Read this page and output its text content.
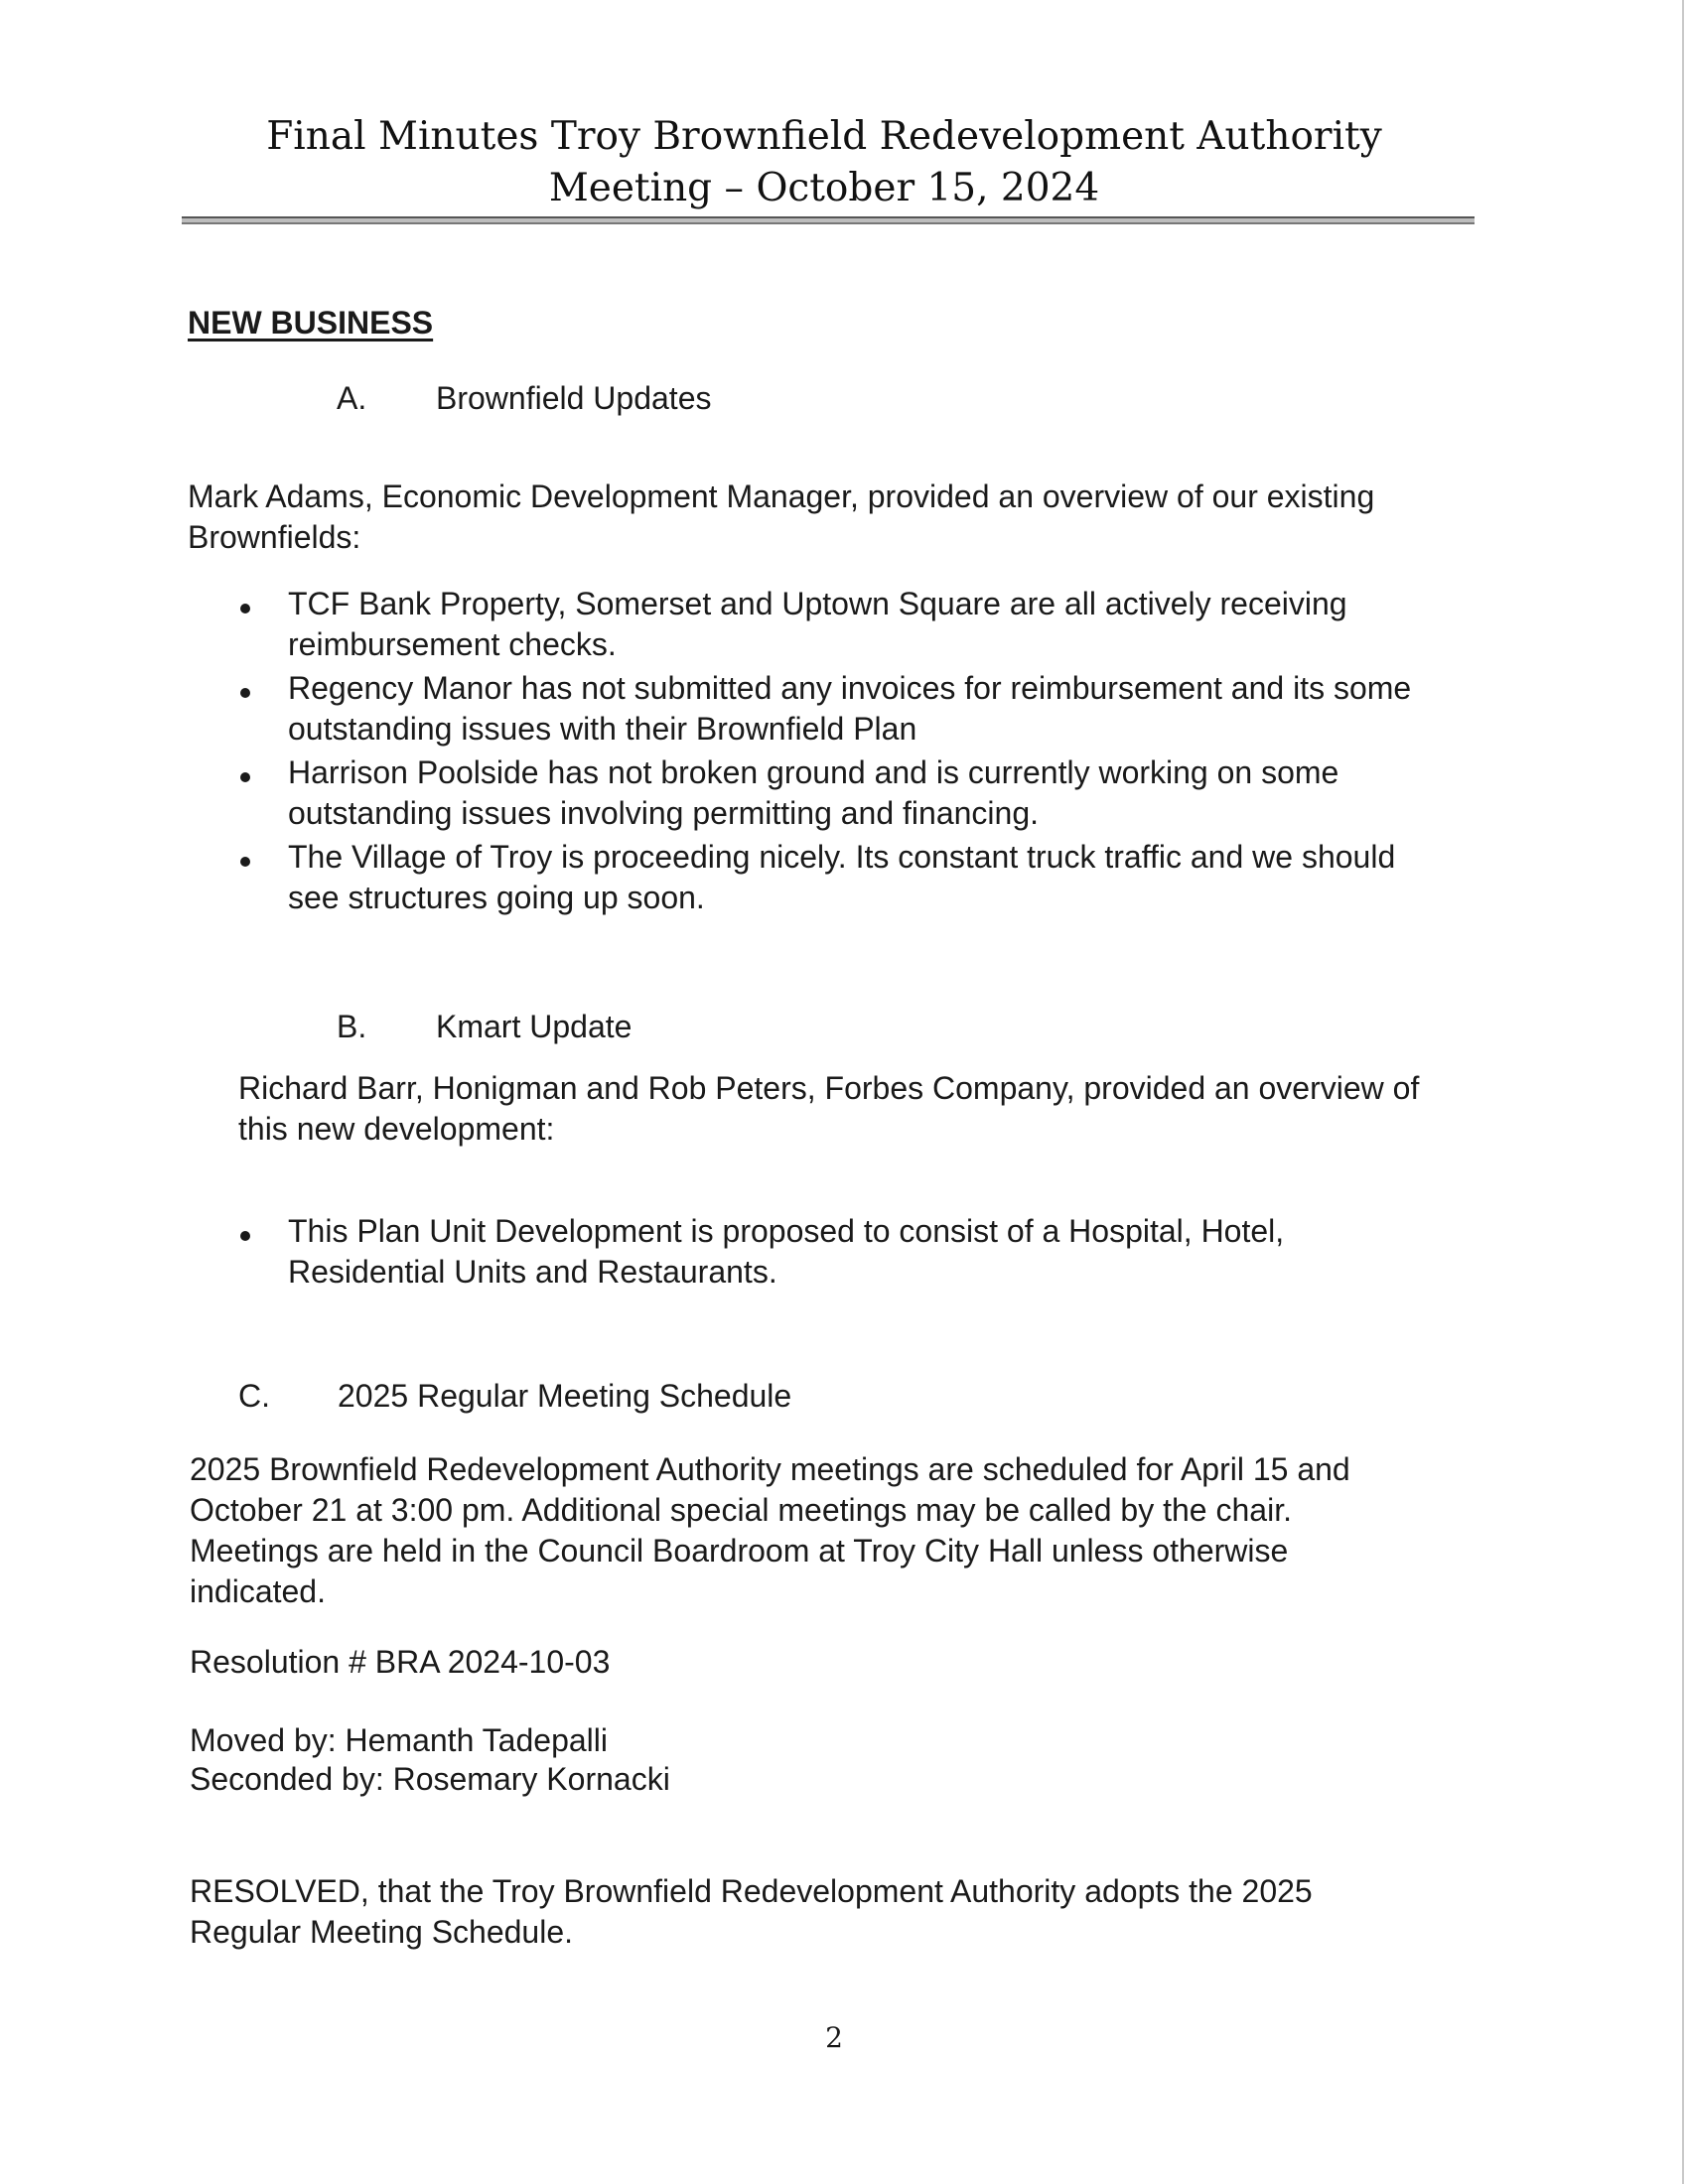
Final Minutes Troy Brownfield Redevelopment Authority
Meeting – October 15, 2024
NEW BUSINESS
A. Brownfield Updates
Mark Adams, Economic Development Manager, provided an overview of our existing
Brownfields:
TCF Bank Property, Somerset and Uptown Square are all actively receiving
reimbursement checks.
Regency Manor has not submitted any invoices for reimbursement and its some
outstanding issues with their Brownfield Plan
Harrison Poolside has not broken ground and is currently working on some
outstanding issues involving permitting and financing.
The Village of Troy is proceeding nicely. Its constant truck traffic and we should
see structures going up soon.
B. Kmart Update
Richard Barr, Honigman and Rob Peters, Forbes Company, provided an overview of
this new development:
This Plan Unit Development is proposed to consist of a Hospital, Hotel,
Residential Units and Restaurants.
C. 2025 Regular Meeting Schedule
2025 Brownfield Redevelopment Authority meetings are scheduled for April 15 and
October 21 at 3:00 pm. Additional special meetings may be called by the chair.
Meetings are held in the Council Boardroom at Troy City Hall unless otherwise
indicated.
Resolution # BRA 2024-10-03
Moved by: Hemanth Tadepalli
Seconded by: Rosemary Kornacki
RESOLVED, that the Troy Brownfield Redevelopment Authority adopts the 2025
Regular Meeting Schedule.
2
